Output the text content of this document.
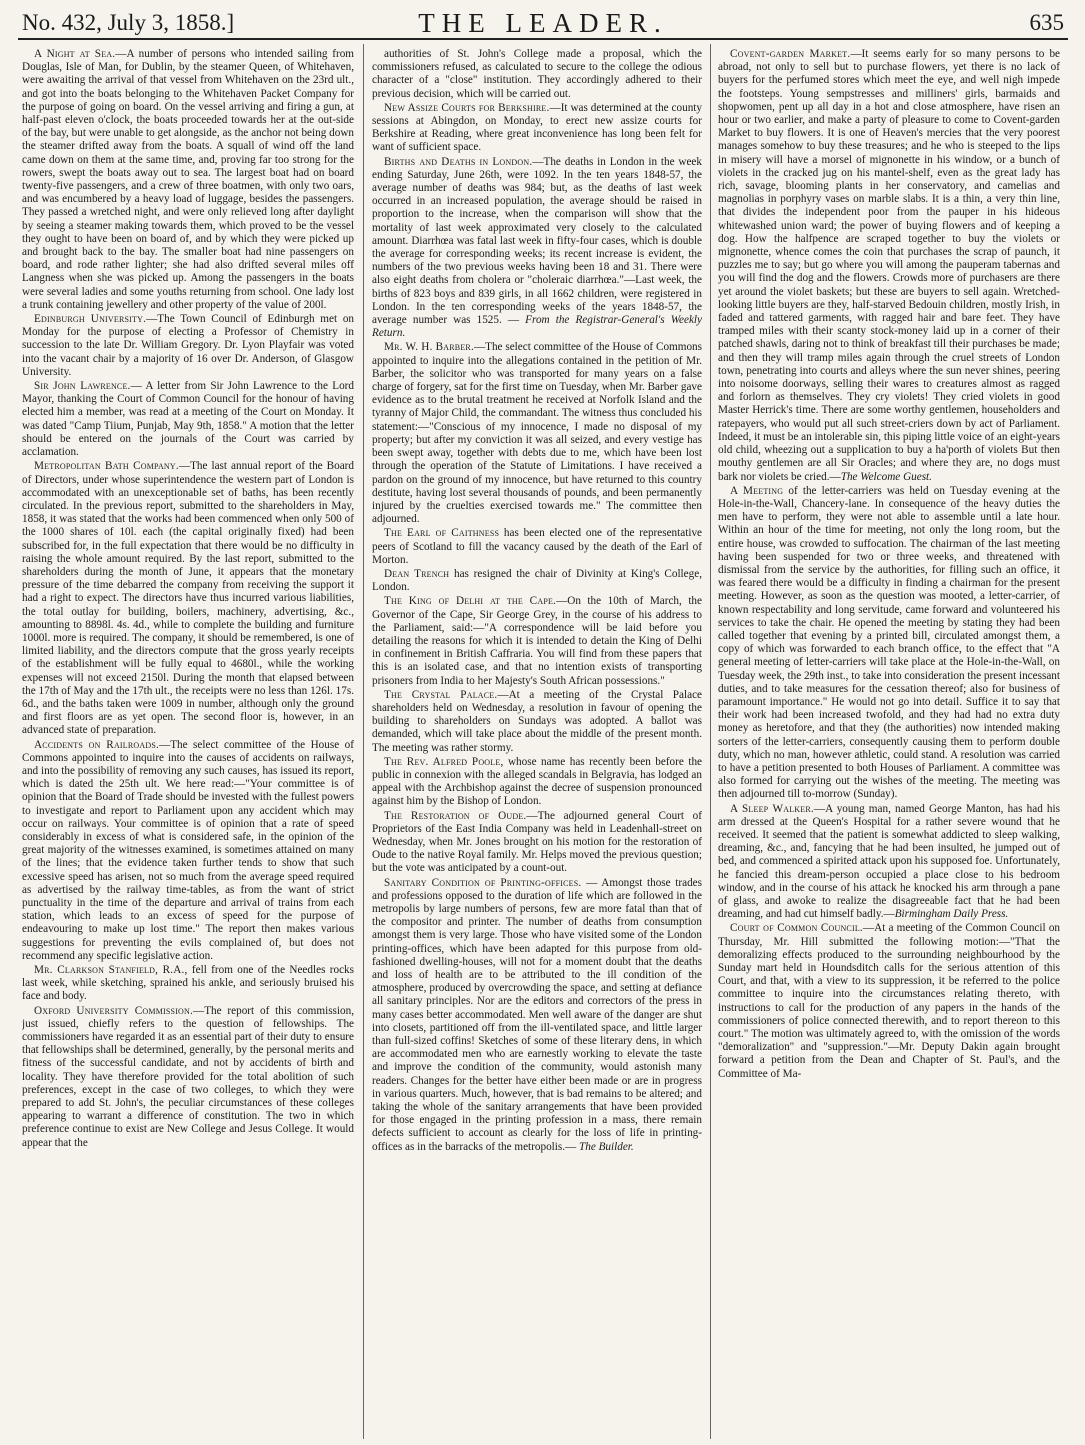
No. 432, July 3, 1858.]	THE LEADER.	635

A Night at Sea.—A number of persons who intended sailing from Douglas, Isle of Man, for Dublin, by the steamer Queen, of Whitehaven, were awaiting the arrival of that vessel from Whitehaven on the 23rd ult., and got into the boats belonging to the Whitehaven Packet Company for the purpose of going on board. On the vessel arriving and firing a gun, at half-past eleven o'clock, the boats proceeded towards her at the out-side of the bay, but were unable to get alongside, as the anchor not being down the steamer drifted away from the boats. A squall of wind off the land came down on them at the same time, and, proving far too strong for the rowers, swept the boats away out to sea. The largest boat had on board twenty-five passengers, and a crew of three boatmen, with only two oars, and was encumbered by a heavy load of luggage, besides the passengers. They passed a wretched night, and were only relieved long after daylight by seeing a steamer making towards them, which proved to be the vessel they ought to have been on board of, and by which they were picked up and brought back to the bay. The smaller boat had nine passengers on board, and rode rather lighter; she had also drifted several miles off Langness when she was picked up. Among the passengers in the boats were several ladies and some youths returning from school. One lady lost a trunk containing jewellery and other property of the value of 200l.

Edinburgh University.—The Town Council of Edinburgh met on Monday for the purpose of electing a Professor of Chemistry in succession to the late Dr. William Gregory. Dr. Lyon Playfair was voted into the vacant chair by a majority of 16 over Dr. Anderson, of Glasgow University.

Sir John Lawrence.— A letter from Sir John Lawrence to the Lord Mayor, thanking the Court of Common Council for the honour of having elected him a member, was read at a meeting of the Court on Monday. It was dated "Camp Tiium, Punjab, May 9th, 1858." A motion that the letter should be entered on the journals of the Court was carried by acclamation.

Metropolitan Bath Company.—The last annual report of the Board of Directors, under whose superintendence the western part of London is accommodated with an unexceptionable set of baths, has been recently circulated. In the previous report, submitted to the shareholders in May, 1858, it was stated that the works had been commenced when only 500 of the 1000 shares of 10l. each (the capital originally fixed) had been subscribed for, in the full expectation that there would be no difficulty in raising the whole amount required. By the last report, submitted to the shareholders during the month of June, it appears that the monetary pressure of the time debarred the company from receiving the support it had a right to expect. The directors have thus incurred various liabilities, the total outlay for building, boilers, machinery, advertising, &c., amounting to 8898l. 4s. 4d., while to complete the building and furniture 1000l. more is required. The company, it should be remembered, is one of limited liability, and the directors compute that the gross yearly receipts of the establishment will be fully equal to 4680l., while the working expenses will not exceed 2150l. During the month that elapsed between the 17th of May and the 17th ult., the receipts were no less than 126l. 17s. 6d., and the baths taken were 1009 in number, although only the ground and first floors are as yet open. The second floor is, however, in an advanced state of preparation.

Accidents on Railroads.—The select committee of the House of Commons appointed to inquire into the causes of accidents on railways, and into the possibility of removing any such causes, has issued its report, which is dated the 25th ult. We here read:—"Your committee is of opinion that the Board of Trade should be invested with the fullest powers to investigate and report to Parliament upon any accident which may occur on railways. Your committee is of opinion that a rate of speed considerably in excess of what is considered safe, in the opinion of the great majority of the witnesses examined, is sometimes attained on many of the lines; that the evidence taken further tends to show that such excessive speed has arisen, not so much from the average speed required as advertised by the railway time-tables, as from the want of strict punctuality in the time of the departure and arrival of trains from each station, which leads to an excess of speed for the purpose of endeavouring to make up lost time." The report then makes various suggestions for preventing the evils complained of, but does not recommend any specific legislative action.

Mr. Clarkson Stanfield, R.A., fell from one of the Needles rocks last week, while sketching, sprained his ankle, and seriously bruised his face and body.

Oxford University Commission.—The report of this commission, just issued, chiefly refers to the question of fellowships. The commissioners have regarded it as an essential part of their duty to ensure that fellowships shall be determined, generally, by the personal merits and fitness of the successful candidate, and not by accidents of birth and locality. They have therefore provided for the total abolition of such preferences, except in the case of two colleges, to which they were prepared to add St. John's, the peculiar circumstances of these colleges appearing to warrant a difference of constitution. The two in which preference continue to exist are New College and Jesus College. It would appear that the

authorities of St. John's College made a proposal, which the commissioners refused, as calculated to secure to the college the odious character of a "close" institution. They accordingly adhered to their previous decision, which will be carried out.

New Assize Courts for Berkshire.—It was determined at the county sessions at Abingdon, on Monday, to erect new assize courts for Berkshire at Reading, where great inconvenience has long been felt for want of sufficient space.

Births and Deaths in London.—The deaths in London in the week ending Saturday, June 26th, were 1092. In the ten years 1848-57, the average number of deaths was 984; but, as the deaths of last week occurred in an increased population, the average should be raised in proportion to the increase, when the comparison will show that the mortality of last week approximated very closely to the calculated amount. Diarrhœa was fatal last week in fifty-four cases, which is double the average for corresponding weeks; its recent increase is evident, the numbers of the two previous weeks having been 18 and 31. There were also eight deaths from cholera or "choleraic diarrhœa."—Last week, the births of 823 boys and 839 girls, in all 1662 children, were registered in London. In the ten corresponding weeks of the years 1848-57, the average number was 1525. — From the Registrar-General's Weekly Return.

Mr. W. H. Barber.—The select committee of the House of Commons appointed to inquire into the allegations contained in the petition of Mr. Barber, the solicitor who was transported for many years on a false charge of forgery, sat for the first time on Tuesday, when Mr. Barber gave evidence as to the brutal treatment he received at Norfolk Island and the tyranny of Major Child, the commandant. The witness thus concluded his statement:—"Conscious of my innocence, I made no disposal of my property; but after my conviction it was all seized, and every vestige has been swept away, together with debts due to me, which have been lost through the operation of the Statute of Limitations. I have received a pardon on the ground of my innocence, but have returned to this country destitute, having lost several thousands of pounds, and been permanently injured by the cruelties exercised towards me." The committee then adjourned.

The Earl of Caithness has been elected one of the representative peers of Scotland to fill the vacancy caused by the death of the Earl of Morton.

Dean Trench has resigned the chair of Divinity at King's College, London.

The King of Delhi at the Cape.—On the 10th of March, the Governor of the Cape, Sir George Grey, in the course of his address to the Parliament, said:—"A correspondence will be laid before you detailing the reasons for which it is intended to detain the King of Delhi in confinement in British Caffraria. You will find from these papers that this is an isolated case, and that no intention exists of transporting prisoners from India to her Majesty's South African possessions."

The Crystal Palace.—At a meeting of the Crystal Palace shareholders held on Wednesday, a resolution in favour of opening the building to shareholders on Sundays was adopted. A ballot was demanded, which will take place about the middle of the present month. The meeting was rather stormy.

The Rev. Alfred Poole, whose name has recently been before the public in connexion with the alleged scandals in Belgravia, has lodged an appeal with the Archbishop against the decree of suspension pronounced against him by the Bishop of London.

The Restoration of Oude.—The adjourned general Court of Proprietors of the East India Company was held in Leadenhall-street on Wednesday, when Mr. Jones brought on his motion for the restoration of Oude to the native Royal family. Mr. Helps moved the previous question; but the vote was anticipated by a count-out.

Sanitary Condition of Printing-offices. — Amongst those trades and professions opposed to the duration of life which are followed in the metropolis by large numbers of persons, few are more fatal than that of the compositor and printer. The number of deaths from consumption amongst them is very large. Those who have visited some of the London printing-offices, which have been adapted for this purpose from old-fashioned dwelling-houses, will not for a moment doubt that the deaths and loss of health are to be attributed to the ill condition of the atmosphere, produced by overcrowding the space, and setting at defiance all sanitary principles. Nor are the editors and correctors of the press in many cases better accommodated. Men well aware of the danger are shut into closets, partitioned off from the ill-ventilated space, and little larger than full-sized coffins! Sketches of some of these literary dens, in which are accommodated men who are earnestly working to elevate the taste and improve the condition of the community, would astonish many readers. Changes for the better have either been made or are in progress in various quarters. Much, however, that is bad remains to be altered; and taking the whole of the sanitary arrangements that have been provided for those engaged in the printing profession in a mass, there remain defects sufficient to account as clearly for the loss of life in printing-offices as in the barracks of the metropolis.— The Builder.

Covent-garden Market.—It seems early for so many persons to be abroad, not only to sell but to purchase flowers, yet there is no lack of buyers for the perfumed stores which meet the eye, and well nigh impede the footsteps. Young sempstresses and milliners' girls, barmaids and shopwomen, pent up all day in a hot and close atmosphere, have risen an hour or two earlier, and make a party of pleasure to come to Covent-garden Market to buy flowers. It is one of Heaven's mercies that the very poorest manages somehow to buy these treasures; and he who is steeped to the lips in misery will have a morsel of mignonette in his window, or a bunch of violets in the cracked jug on his mantel-shelf, even as the great lady has rich, savage, blooming plants in her conservatory, and camelias and magnolias in porphyry vases on marble slabs. It is a thin, a very thin line, that divides the independent poor from the pauper in his hideous whitewashed union ward; the power of buying flowers and of keeping a dog. How the halfpence are scraped together to buy the violets or mignonette, whence comes the coin that purchases the scrap of paunch, it puzzles me to say; but go where you will among the pauperam tabernas and you will find the dog and the flowers. Crowds more of purchasers are there yet around the violet baskets; but these are buyers to sell again. Wretched-looking little buyers are they, half-starved Bedouin children, mostly Irish, in faded and tattered garments, with ragged hair and bare feet. They have tramped miles with their scanty stock-money laid up in a corner of their patched shawls, daring not to think of breakfast till their purchases be made; and then they will tramp miles again through the cruel streets of London town, penetrating into courts and alleys where the sun never shines, peering into noisome doorways, selling their wares to creatures almost as ragged and forlorn as themselves. They cry violets! They cried violets in good Master Herrick's time. There are some worthy gentlemen, householders and ratepayers, who would put all such street-criers down by act of Parliament. Indeed, it must be an intolerable sin, this piping little voice of an eight-years old child, wheezing out a supplication to buy a ha'porth of violets But then mouthy gentlemen are all Sir Oracles; and where they are, no dogs must bark nor violets be cried.—The Welcome Guest.

A Meeting of the letter-carriers was held on Tuesday evening at the Hole-in-the-Wall, Chancery-lane. In consequence of the heavy duties the men have to perform, they were not able to assemble until a late hour. Within an hour of the time for meeting, not only the long room, but the entire house, was crowded to suffocation. The chairman of the last meeting having been suspended for two or three weeks, and threatened with dismissal from the service by the authorities, for filling such an office, it was feared there would be a difficulty in finding a chairman for the present meeting. However, as soon as the question was mooted, a letter-carrier, of known respectability and long servitude, came forward and volunteered his services to take the chair. He opened the meeting by stating they had been called together that evening by a printed bill, circulated amongst them, a copy of which was forwarded to each branch office, to the effect that "A general meeting of letter-carriers will take place at the Hole-in-the-Wall, on Tuesday week, the 29th inst., to take into consideration the present incessant duties, and to take measures for the cessation thereof; also for business of paramount importance." He would not go into detail. Suffice it to say that their work had been increased twofold, and they had had no extra duty money as heretofore, and that they (the authorities) now intended making sorters of the letter-carriers, consequently causing them to perform double duty, which no man, however athletic, could stand. A resolution was carried to have a petition presented to both Houses of Parliament. A committee was also formed for carrying out the wishes of the meeting. The meeting was then adjourned till to-morrow (Sunday).

A Sleep Walker.—A young man, named George Manton, has had his arm dressed at the Queen's Hospital for a rather severe wound that he received. It seemed that the patient is somewhat addicted to sleep walking, dreaming, &c., and, fancying that he had been insulted, he jumped out of bed, and commenced a spirited attack upon his supposed foe. Unfortunately, he fancied this dream-person occupied a place close to his bedroom window, and in the course of his attack he knocked his arm through a pane of glass, and awoke to realize the disagreeable fact that he had been dreaming, and had cut himself badly.—Birmingham Daily Press.

Court of Common Council.—At a meeting of the Common Council on Thursday, Mr. Hill submitted the following motion:—"That the demoralizing effects produced to the surrounding neighbourhood by the Sunday mart held in Houndsditch calls for the serious attention of this Court, and that, with a view to its suppression, it be referred to the police committee to inquire into the circumstances relating thereto, with instructions to call for the production of any papers in the hands of the commissioners of police connected therewith, and to report thereon to this court." The motion was ultimately agreed to, with the omission of the words "demoralization" and "suppression."—Mr. Deputy Dakin again brought forward a petition from the Dean and Chapter of St. Paul's, and the Committee of Ma-
